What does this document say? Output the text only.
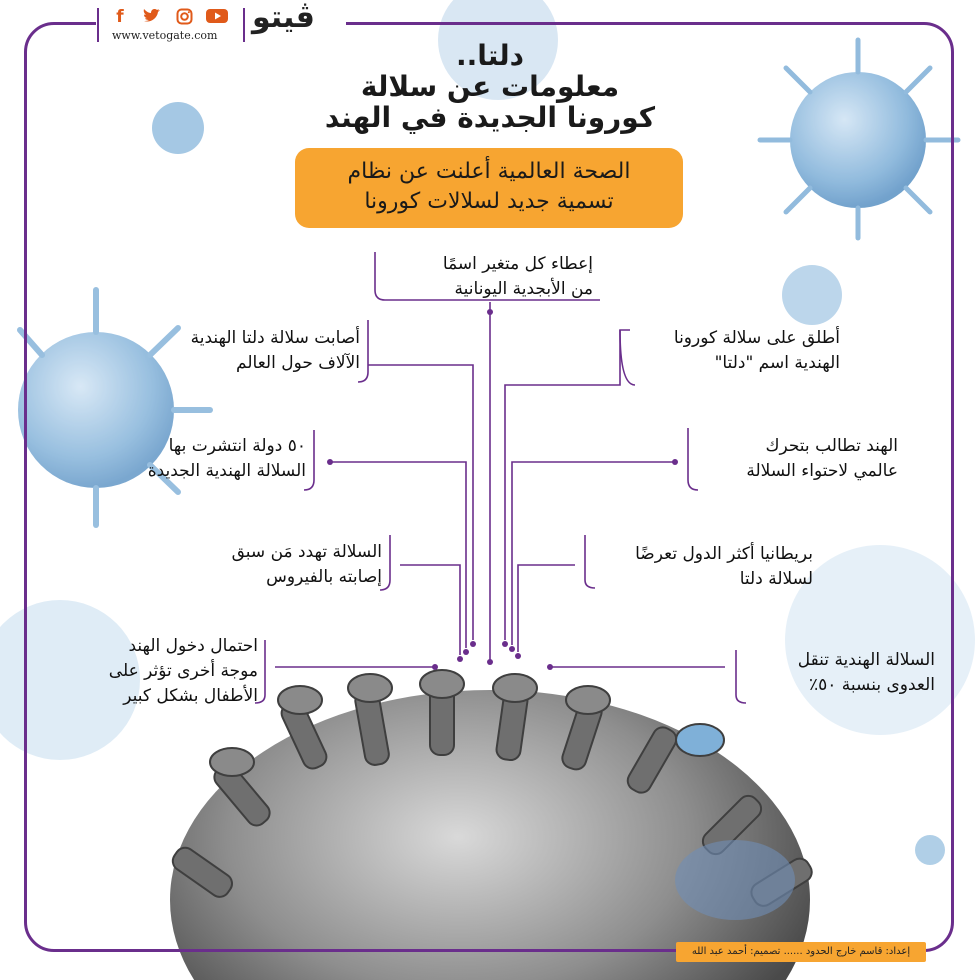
f
www.vetogate.com
ڤيتو
دلتا..
معلومات عن سلالة
كورونا الجديدة في الهند
الصحة العالمية أعلنت عن نظام
تسمية جديد لسلالات كورونا
إعطاء كل متغير اسمًا
من الأبجدية اليونانية
أطلق على سلالة كورونا
الهندية اسم "دلتا"
الهند تطالب بتحرك
عالمي لاحتواء السلالة
بريطانيا أكثر الدول تعرضًا
لسلالة دلتا
السلالة الهندية تنقل
العدوى بنسبة ٥٠٪
أصابت سلالة دلتا الهندية
الآلاف حول العالم
٥٠ دولة انتشرت بها
السلالة الهندية الجديدة
السلالة تهدد مَن سبق
إصابته بالفيروس
احتمال دخول الهند
موجة أخرى تؤثر على
الأطفال بشكل كبير
إعداد: قاسم خارج الحدود ...... تصميم: أحمد عبد الله
